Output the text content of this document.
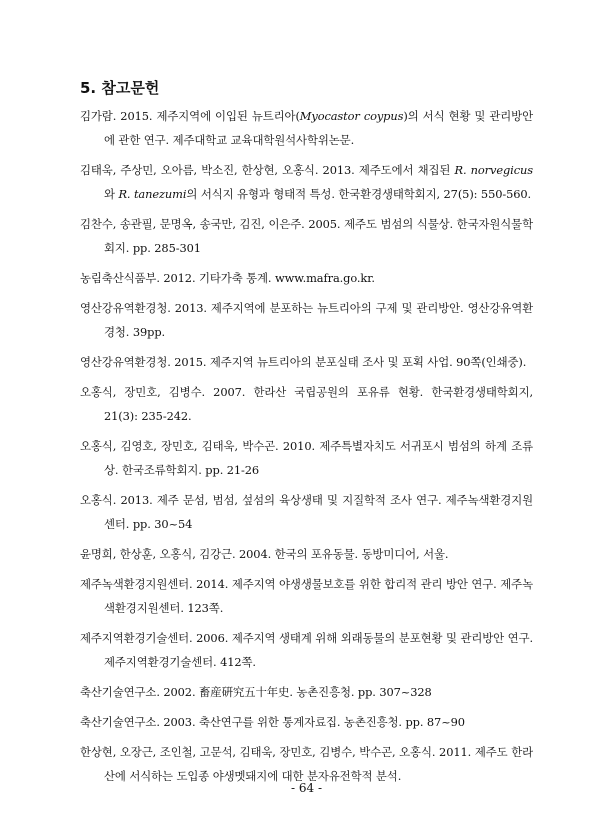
5. 참고문헌

김가람. 2015. 제주지역에 이입된 뉴트리아(Myocastor coypus)의 서식 현황 및 관리방안에 관한 연구. 제주대학교 교육대학원석사학위논문.

김태욱, 주상민, 오아름, 박소진, 한상현, 오홍식. 2013. 제주도에서 채집된 R. norvegicus와 R. tanezumi의 서식지 유형과 형태적 특성. 한국환경생태학회지, 27(5): 550-560.

김찬수, 송관필, 문명옥, 송국만, 김진, 이은주. 2005. 제주도 범섬의 식물상. 한국자원식물학회지. pp. 285-301

농림축산식품부. 2012. 기타가축 통계. www.mafra.go.kr.

영산강유역환경청. 2013. 제주지역에 분포하는 뉴트리아의 구제 및 관리방안. 영산강유역환경청. 39pp.

영산강유역환경청. 2015. 제주지역 뉴트리아의 분포실태 조사 및 포획 사업. 90쪽(인쇄중).

오홍식, 장민호, 김병수. 2007. 한라산 국립공원의 포유류 현황. 한국환경생태학회지, 21(3): 235-242.

오홍식, 김영호, 장민호, 김태욱, 박수곤. 2010. 제주특별자치도 서귀포시 범섬의 하계 조류상. 한국조류학회지. pp. 21-26

오홍식. 2013. 제주 문섬, 범섬, 섶섬의 육상생태 및 지질학적 조사 연구. 제주녹색환경지원센터. pp. 30~54

윤명희, 한상훈, 오홍식, 김강근. 2004. 한국의 포유동물. 동방미디어, 서울.

제주녹색환경지원센터. 2014. 제주지역 야생생물보호를 위한 합리적 관리 방안 연구. 제주녹색환경지원센터. 123쪽.

제주지역환경기술센터. 2006. 제주지역 생태계 위해 외래동물의 분포현황 및 관리방안 연구. 제주지역환경기술센터. 412쪽.

축산기술연구소. 2002. 畜産硏究五十年史. 농촌진흥청. pp. 307~328

축산기술연구소. 2003. 축산연구를 위한 통계자료집. 농촌진흥청. pp. 87~90

한상현, 오장근, 조인철, 고문석, 김태욱, 장민호, 김병수, 박수곤, 오홍식. 2011. 제주도 한라산에 서식하는 도입종 야생멧돼지에 대한 분자유전학적 분석.

- 64 -
